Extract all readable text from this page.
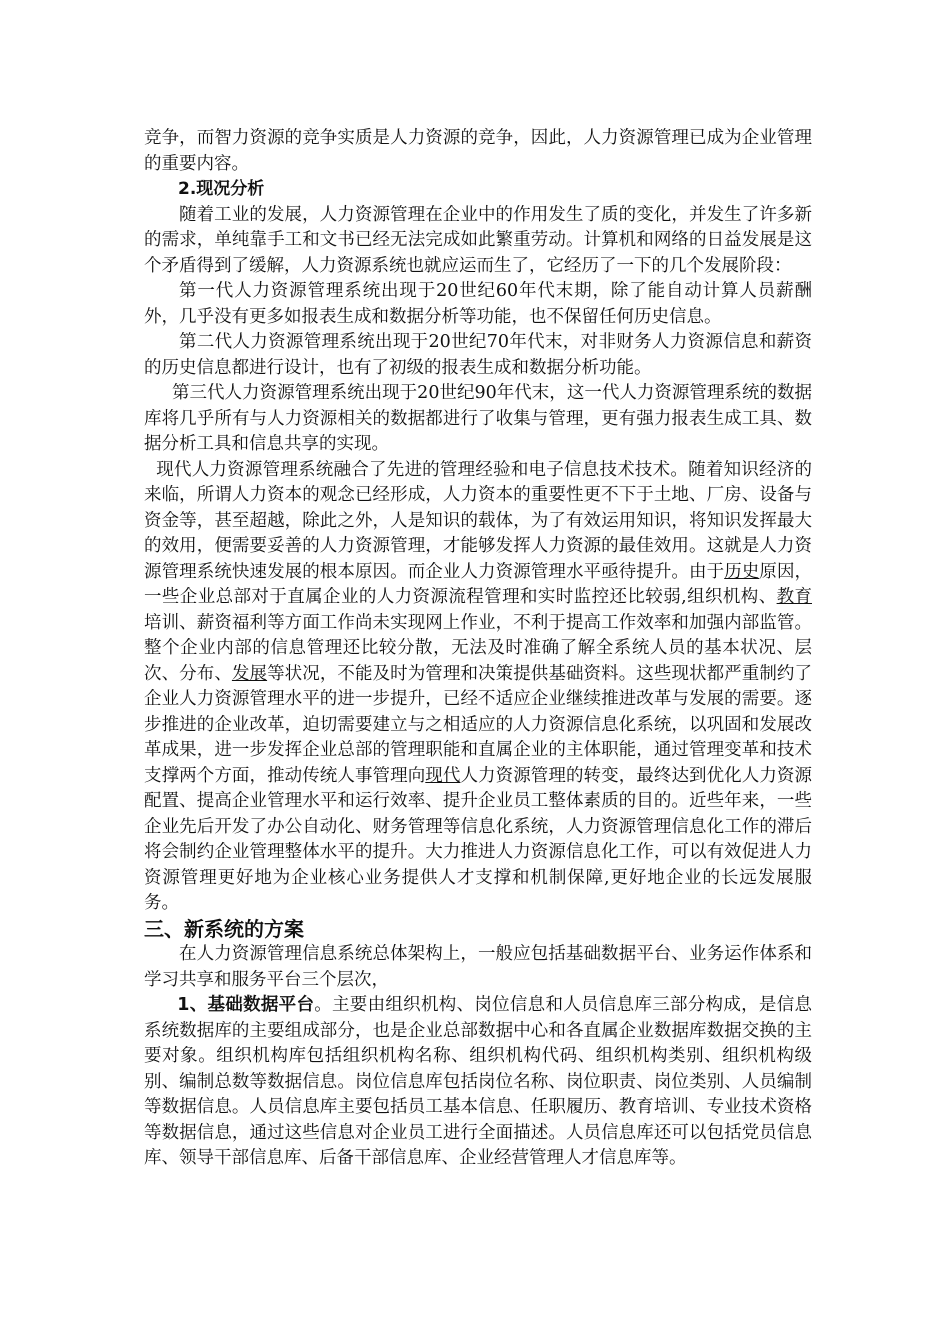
竞争，而智力资源的竞争实质是人力资源的竞争，因此，人力资源管理已成为企业管理的重要内容。

2.现况分析

随着工业的发展，人力资源管理在企业中的作用发生了质的变化，并发生了许多新的需求，单纯靠手工和文书已经无法完成如此繁重劳动。计算机和网络的日益发展是这个矛盾得到了缓解，人力资源系统也就应运而生了，它经历了一下的几个发展阶段：

第一代人力资源管理系统出现于20世纪60年代末期，除了能自动计算人员薪酬外，几乎没有更多如报表生成和数据分析等功能，也不保留任何历史信息。

第二代人力资源管理系统出现于20世纪70年代末，对非财务人力资源信息和薪资的历史信息都进行设计，也有了初级的报表生成和数据分析功能。

第三代人力资源管理系统出现于20世纪90年代末，这一代人力资源管理系统的数据库将几乎所有与人力资源相关的数据都进行了收集与管理，更有强力报表生成工具、数据分析工具和信息共享的实现。

现代人力资源管理系统融合了先进的管理经验和电子信息技术技术。随着知识经济的来临，所谓人力资本的观念已经形成，人力资本的重要性更不下于土地、厂房、设备与资金等，甚至超越，除此之外，人是知识的载体，为了有效运用知识，将知识发挥最大的效用，便需要妥善的人力资源管理，才能够发挥人力资源的最佳效用。这就是人力资源管理系统快速发展的根本原因。而企业人力资源管理水平亟待提升。由于历史原因，一些企业总部对于直属企业的人力资源流程管理和实时监控还比较弱,组织机构、教育培训、薪资福利等方面工作尚未实现网上作业，不利于提高工作效率和加强内部监管。整个企业内部的信息管理还比较分散，无法及时准确了解全系统人员的基本状况、层次、分布、发展等状况，不能及时为管理和决策提供基础资料。这些现状都严重制约了企业人力资源管理水平的进一步提升，已经不适应企业继续推进改革与发展的需要。逐步推进的企业改革，迫切需要建立与之相适应的人力资源信息化系统，以巩固和发展改革成果，进一步发挥企业总部的管理职能和直属企业的主体职能，通过管理变革和技术支撑两个方面，推动传统人事管理向现代人力资源管理的转变，最终达到优化人力资源配置、提高企业管理水平和运行效率、提升企业员工整体素质的目的。近些年来，一些企业先后开发了办公自动化、财务管理等信息化系统，人力资源管理信息化工作的滞后将会制约企业管理整体水平的提升。大力推进人力资源信息化工作，可以有效促进人力资源管理更好地为企业核心业务提供人才支撑和机制保障,更好地企业的长远发展服务。

三、新系统的方案

在人力资源管理信息系统总体架构上，一般应包括基础数据平台、业务运作体系和学习共享和服务平台三个层次，

1、基础数据平台。主要由组织机构、岗位信息和人员信息库三部分构成，是信息系统数据库的主要组成部分，也是企业总部数据中心和各直属企业数据库数据交换的主要对象。组织机构库包括组织机构名称、组织机构代码、组织机构类别、组织机构级别、编制总数等数据信息。岗位信息库包括岗位名称、岗位职责、岗位类别、人员编制等数据信息。人员信息库主要包括员工基本信息、任职履历、教育培训、专业技术资格等数据信息，通过这些信息对企业员工进行全面描述。人员信息库还可以包括党员信息库、领导干部信息库、后备干部信息库、企业经营管理人才信息库等。
